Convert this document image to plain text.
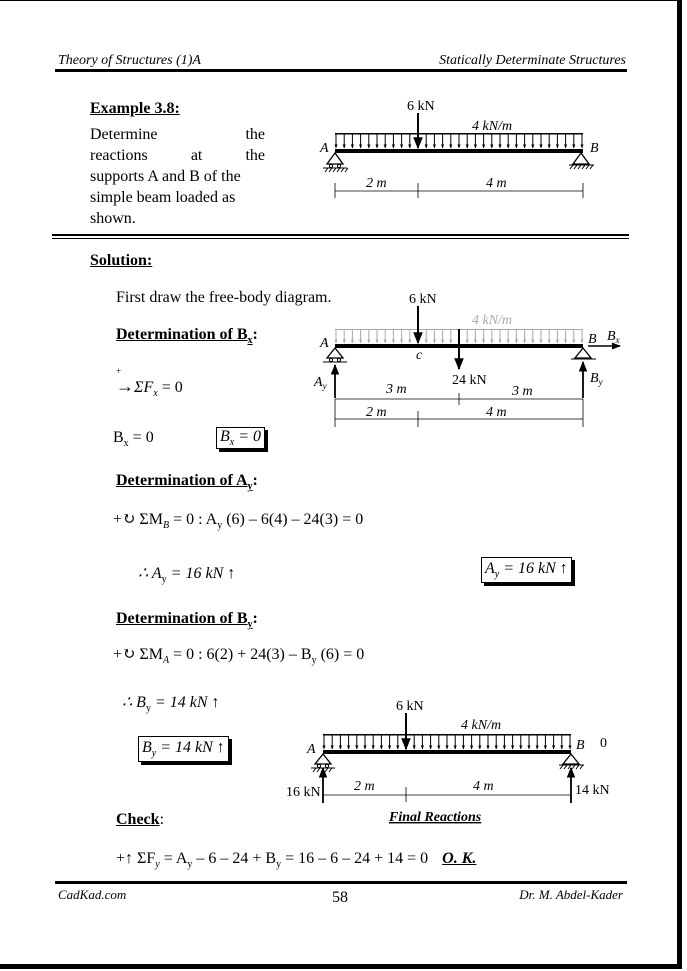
Theory of Structures (1)A	Statically Determinate Structures
Example 3.8:
Determine	the
reactions	at	the
supports A and B of the
simple beam loaded as
shown.
Solution:
First draw the free-body diagram.
Determination of $B_x$:
+
$\to\Sigma F_x = 0$
$B_x = 0$	$B_x = 0$
Determination of $A_y$:
+↻ $\Sigma M_B = 0$ : $A_y$ (6) – 6(4) – 24(3) = 0
∴ $A_y = 16$ kN ↑	$A_y = 16$ kN ↑
Determination of $B_y$:
+↻ $\Sigma M_A = 0$ : $6(2) + 24(3) - B_y$ (6) = 0
∴ $B_y = 14$ kN ↑
$B_y = 14$ kN ↑
Check:
+↑ $\Sigma F_y = A_y - 6 - 24 + B_y = 16 - 6 - 24 + 14 = 0$ O. K.
CadKad.com	58	Dr. M. Abdel-Kader
6 kN
4 kN/m
A	B
2 m	4 m
4 kN/m
6 kN
c
24 kN
A	B $B_x$
$A_y$	$B_y$
3 m	3 m
2 m	4 m
6 kN
4 kN/m
A	B 0
16 kN	14 kN
2 m	4 m
Final Reactions
